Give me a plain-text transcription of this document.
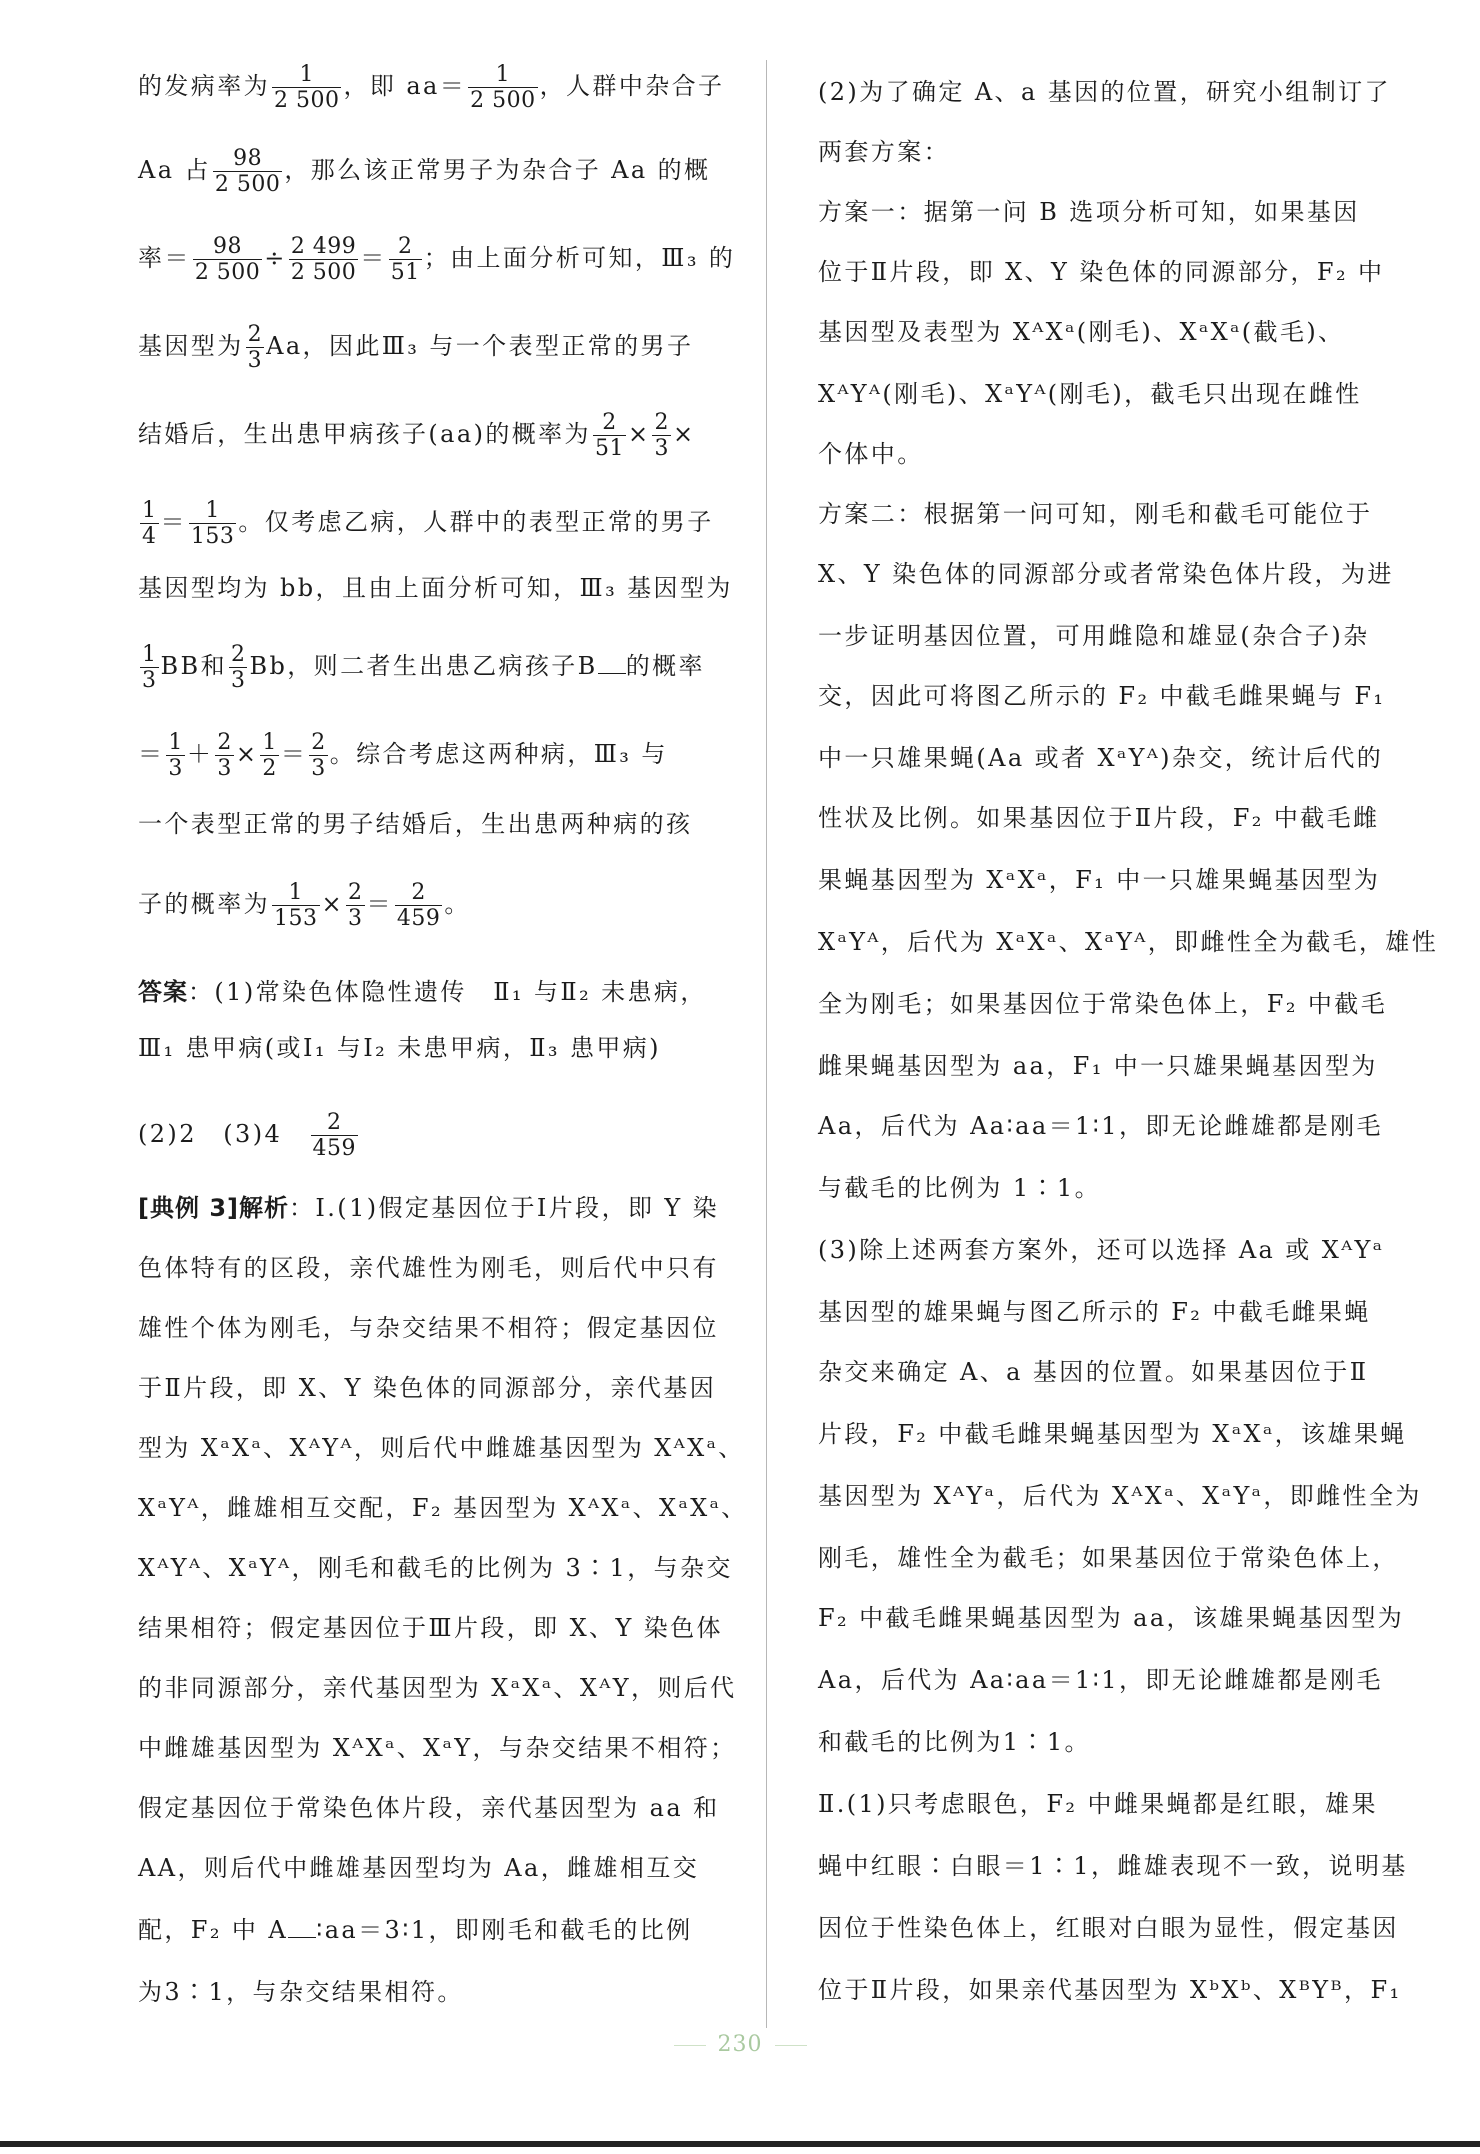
的发病率为 $\frac{1}{2 500}$ ，即 $aa= \frac{1}{2 500}$ ，人群中杂合子
Aa 占 $\frac{98}{2 500}$ ，那么该正常男子为杂合子 Aa 的概
率＝ $\frac{98}{2 500} \div \frac{2 499}{2 500} = \frac{2}{51}$ ；由上面分析可知，Ⅲ₃ 的
基因型为 $\frac{2}{3}$ Aa，因此Ⅲ₃ 与一个表型正常的男子
结婚后，生出患甲病孩子(aa)的概率为 $\frac{2}{51} \times \frac{2}{3}$ ×
$\frac{1}{4} = \frac{1}{153}$ 。仅考虑乙病，人群中的表型正常的男子
基因型均为 bb，且由上面分析可知，Ⅲ₃ 基因型为
$\frac{1}{3}$ BB和 $\frac{2}{3}$ Bb，则二者生出患乙病孩子B 的概率
＝ $\frac{1}{3} + \frac{2}{3} \times \frac{1}{2} = \frac{2}{3}$ 。综合考虑这两种病，Ⅲ₃ 与
一个表型正常的男子结婚后，生出患两种病的孩
子的概率为 $\frac{1}{153} \times \frac{2}{3} = \frac{2}{459}$ 。
答案：(1)常染色体隐性遗传　Ⅱ₁ 与Ⅱ₂ 未患病，
Ⅲ₁ 患甲病(或Ⅰ₁ 与Ⅰ₂ 未患甲病，Ⅱ₃ 患甲病)
(2)2　(3)4　 $\frac{2}{459}$
[典例 3]解析：Ⅰ.(1)假定基因位于Ⅰ片段，即 Y 染
色体特有的区段，亲代雄性为刚毛，则后代中只有
雄性个体为刚毛，与杂交结果不相符；假定基因位
于Ⅱ片段，即 X、Y 染色体的同源部分，亲代基因
型为 XᵃXᵃ、XᴬYᴬ，则后代中雌雄基因型为 XᴬXᵃ、
XᵃYᴬ，雌雄相互交配，F₂ 基因型为 XᴬXᵃ、XᵃXᵃ、
XᴬYᴬ、XᵃYᴬ，刚毛和截毛的比例为 3∶1，与杂交
结果相符；假定基因位于Ⅲ片段，即 X、Y 染色体
的非同源部分，亲代基因型为 XᵃXᵃ、XᴬY，则后代
中雌雄基因型为 XᴬXᵃ、XᵃY，与杂交结果不相符；
假定基因位于常染色体片段，亲代基因型为 aa 和
AA，则后代中雌雄基因型均为 Aa，雌雄相互交
配，F₂ 中 A ∶aa＝3∶1，即刚毛和截毛的比例
为3∶1，与杂交结果相符。
(2)为了确定 A、a 基因的位置，研究小组制订了
两套方案：
方案一：据第一问 B 选项分析可知，如果基因
位于Ⅱ片段，即 X、Y 染色体的同源部分，F₂ 中
基因型及表型为 XᴬXᵃ(刚毛)、XᵃXᵃ(截毛)、
XᴬYᴬ(刚毛)、XᵃYᴬ(刚毛)，截毛只出现在雌性
个体中。
方案二：根据第一问可知，刚毛和截毛可能位于
X、Y 染色体的同源部分或者常染色体片段，为进
一步证明基因位置，可用雌隐和雄显(杂合子)杂
交，因此可将图乙所示的 F₂ 中截毛雌果蝇与 F₁
中一只雄果蝇(Aa 或者 XᵃYᴬ)杂交，统计后代的
性状及比例。如果基因位于Ⅱ片段，F₂ 中截毛雌
果蝇基因型为 XᵃXᵃ，F₁ 中一只雄果蝇基因型为
XᵃYᴬ，后代为 XᵃXᵃ、XᵃYᴬ，即雌性全为截毛，雄性
全为刚毛；如果基因位于常染色体上，F₂ 中截毛
雌果蝇基因型为 aa，F₁ 中一只雄果蝇基因型为
Aa，后代为 Aa∶aa＝1∶1，即无论雌雄都是刚毛
与截毛的比例为 1∶1。
(3)除上述两套方案外，还可以选择 Aa 或 XᴬYᵃ
基因型的雄果蝇与图乙所示的 F₂ 中截毛雌果蝇
杂交来确定 A、a 基因的位置。如果基因位于Ⅱ
片段，F₂ 中截毛雌果蝇基因型为 XᵃXᵃ，该雄果蝇
基因型为 XᴬYᵃ，后代为 XᴬXᵃ、XᵃYᵃ，即雌性全为
刚毛，雄性全为截毛；如果基因位于常染色体上，
F₂ 中截毛雌果蝇基因型为 aa，该雄果蝇基因型为
Aa，后代为 Aa∶aa＝1∶1，即无论雌雄都是刚毛
和截毛的比例为1∶1。
Ⅱ.(1)只考虑眼色，F₂ 中雌果蝇都是红眼，雄果
蝇中红眼∶白眼＝1∶1，雌雄表现不一致，说明基
因位于性染色体上，红眼对白眼为显性，假定基因
位于Ⅱ片段，如果亲代基因型为 XᵇXᵇ、XᴮYᴮ，F₁
230
